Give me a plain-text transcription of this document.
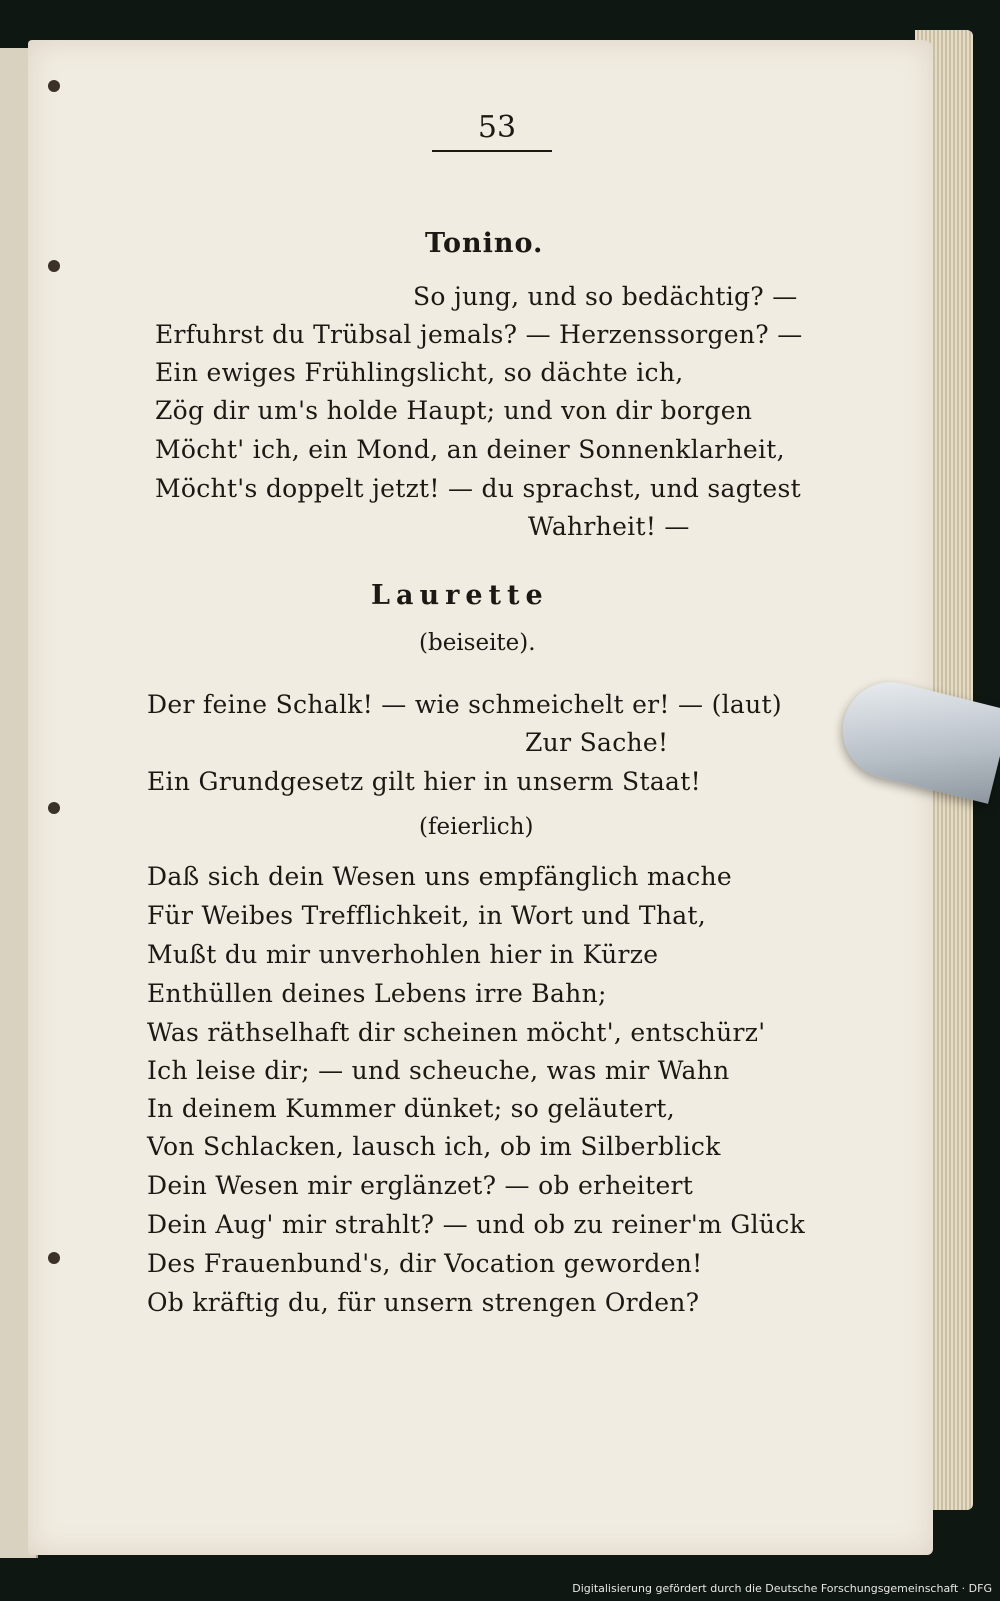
53
Tonino.
So jung, und so bedächtig? —
Erfuhrst du Trübsal jemals? — Herzenssorgen? —
Ein ewiges Frühlingslicht, so dächte ich,
Zög dir um's holde Haupt; und von dir borgen
Möcht' ich, ein Mond, an deiner Sonnenklarheit,
Möcht's doppelt jetzt! — du sprachst, und sagtest
Wahrheit! —
Laurette
(beiseite).
Der feine Schalk! — wie schmeichelt er! — (laut)
Zur Sache!
Ein Grundgesetz gilt hier in unserm Staat!
(feierlich)
Daß sich dein Wesen uns empfänglich mache
Für Weibes Trefflichkeit, in Wort und That,
Mußt du mir unverhohlen hier in Kürze
Enthüllen deines Lebens irre Bahn;
Was räthselhaft dir scheinen möcht', entschürz'
Ich leise dir; — und scheuche, was mir Wahn
In deinem Kummer dünket; so geläutert,
Von Schlacken, lausch ich, ob im Silberblick
Dein Wesen mir erglänzet? — ob erheitert
Dein Aug' mir strahlt? — und ob zu reiner'm Glück
Des Frauenbund's, dir Vocation geworden!
Ob kräftig du, für unsern strengen Orden?
Digitalisierung gefördert durch die Deutsche Forschungsgemeinschaft · DFG
